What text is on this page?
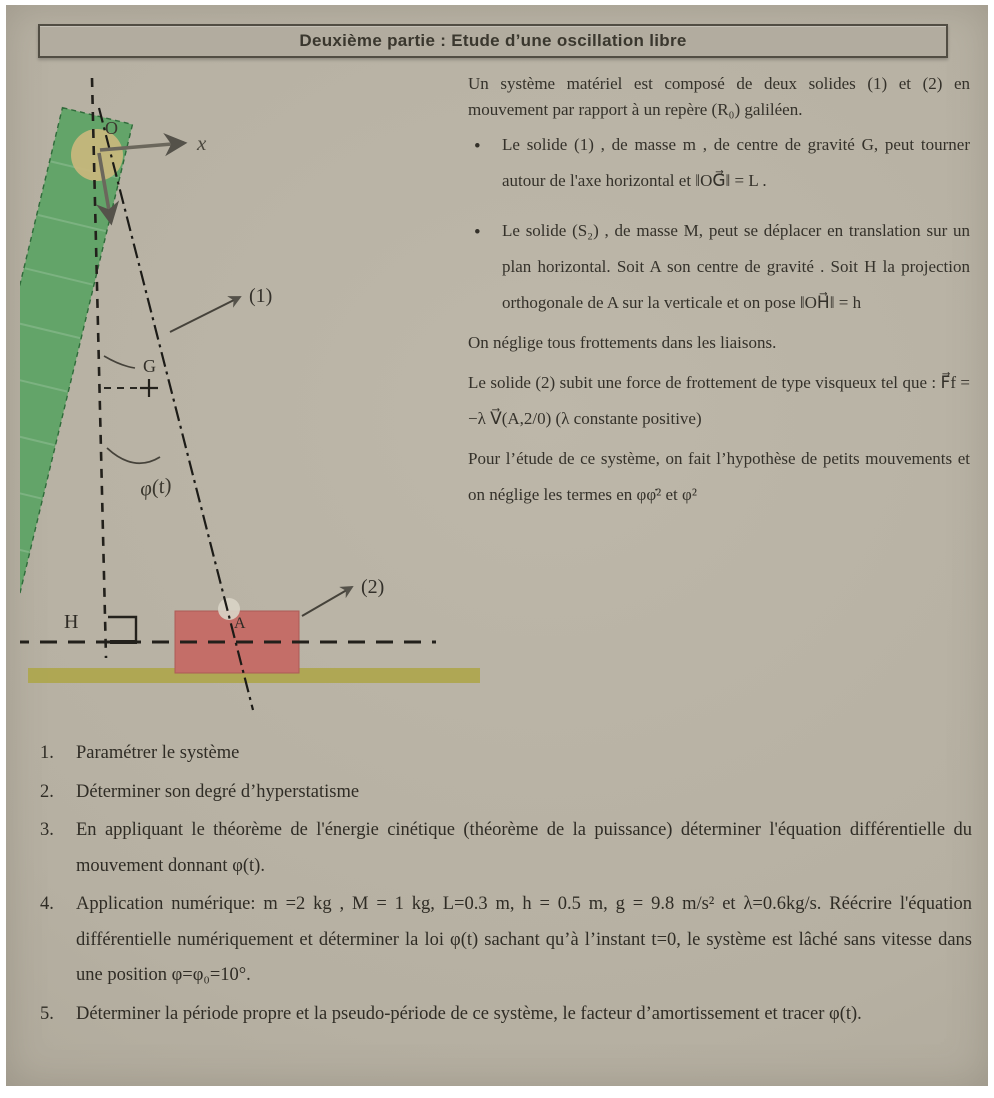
Deuxième partie : Etude d’une oscillation libre
x
O
(1)
G
φ(t)
(2)
H	A

Un système matériel est composé de deux solides (1) et (2) en mouvement par rapport à un repère (R₀) galiléen.

• Le solide (1) , de masse m , de centre de gravité G, peut tourner autour de l'axe horizontal et ‖OG⃗‖ = L .

• Le solide (S₂) , de masse M, peut se déplacer en translation sur un plan horizontal. Soit A son centre de gravité . Soit H la projection orthogonale de A sur la verticale et on pose ‖OH⃗‖ = h

On néglige tous frottements dans les liaisons.

Le solide (2) subit une force de frottement de type visqueux tel que : F⃗f = −λ V⃗(A,2/0) (λ constante positive)

Pour l’étude de ce système, on fait l’hypothèse de petits mouvements et on néglige les termes en φφ̇² et φ²

1.	Paramétrer le système
2.	Déterminer son degré d’hyperstatisme
3.	En appliquant le théorème de l'énergie cinétique (théorème de la puissance) déterminer l'équation différentielle du mouvement donnant φ(t).
4.	Application numérique: m =2 kg , M = 1 kg, L=0.3 m, h = 0.5 m, g = 9.8 m/s² et λ=0.6kg/s. Réécrire l'équation différentielle numériquement et déterminer la loi φ(t) sachant qu’à l’instant t=0, le système est lâché sans vitesse dans une position φ=φ₀=10°.
5.	Déterminer la période propre et la pseudo-période de ce système, le facteur d’amortissement et tracer φ(t).
